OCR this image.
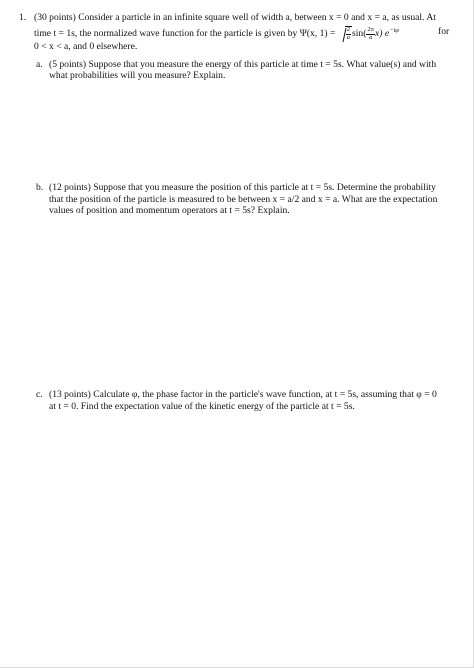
1. (30 points) Consider a particle in an infinite square well of width a, between x = 0 and x = a, as usual. At
time t = 1s, the normalized wave function for the particle is given by Ψ(x, $1) = \frac{2}{a} \sin( \frac{2\pi}{a} x)$ $e^{-i\varphi}$	for
0 < x < a, and 0 elsewhere.
a. (5 points) Suppose that you measure the energy of this particle at time t = 5s. What value(s) and with
what probabilities will you measure? Explain.
b. (12 points) Suppose that you measure the position of this particle at t = 5s. Determine the probability
that the position of the particle is measured to be between x = a/2 and x = a. What are the expectation
values of position and momentum operators at t = 5s? Explain.
c. (13 points) Calculate φ, the phase factor in the particle's wave function, at t = 5s, assuming that φ = 0
at t = 0. Find the expectation value of the kinetic energy of the particle at t = 5s.
